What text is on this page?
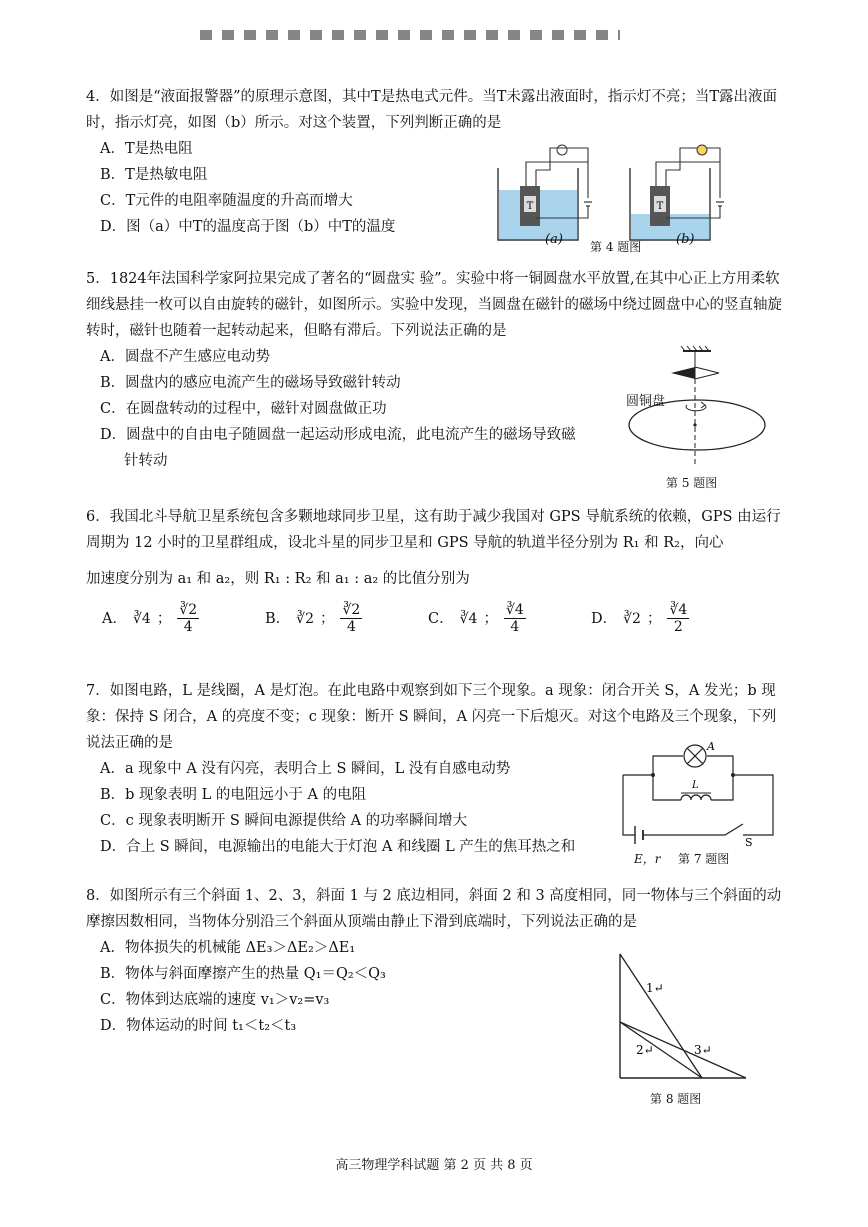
4．如图是“液面报警器”的原理示意图，其中T是热电式元件。当T未露出液面时，指示灯不亮；当T露出液面时，指示灯亮，如图（b）所示。对这个装置，下列判断正确的是

A．T是热电阻

B．T是热敏电阻

C．T元件的电阻率随温度的升高而增大

D．图（a）中T的温度高于图（b）中T的温度

T	T
(a) 第 4 题图	(b)

5．1824年法国科学家阿拉果完成了著名的“圆盘实 验”。实验中将一铜圆盘水平放置,在其中心正上方用柔软细线悬挂一枚可以自由旋转的磁针，如图所示。实验中发现，当圆盘在磁针的磁场中绕过圆盘中心的竖直轴旋转时，磁针也随着一起转动起来，但略有滞后。下列说法正确的是

A．圆盘不产生感应电动势

B．圆盘内的感应电流产生的磁场导致磁针转动

C．在圆盘转动的过程中，磁针对圆盘做正功

D．圆盘中的自由电子随圆盘一起运动形成电流，此电流产生的磁场导致磁

针转动

圆铜盘
第 5 题图

6．我国北斗导航卫星系统包含多颗地球同步卫星，这有助于减少我国对 GPS 导航系统的依赖，GPS 由运行周期为 12 小时的卫星群组成，设北斗星的同步卫星和 GPS 导航的轨道半径分别为 R₁ 和 R₂，向心

加速度分别为 a₁ 和 a₂，则 R₁ : R₂ 和 a₁ : a₂ 的比值分别为

A． ∛4 ； $\frac{∛2}{4}$	B． ∛2 ； $\frac{∛2}{4}$	C． ∛4 ； $\frac{∛4}{4}$	D． ∛2 ； $\frac{∛4}{2}$

7．如图电路，L 是线圈，A 是灯泡。在此电路中观察到如下三个现象。a 现象：闭合开关 S，A 发光；b 现象：保持 S 闭合，A 的亮度不变；c 现象：断开 S 瞬间，A 闪亮一下后熄灭。对这个电路及三个现象，下列说法正确的是

A．a 现象中 A 没有闪亮，表明合上 S 瞬间，L 没有自感电动势

B．b 现象表明 L 的电阻远小于 A 的电阻

C．c 现象表明断开 S 瞬间电源提供给 A 的功率瞬间增大

D．合上 S 瞬间，电源输出的电能大于灯泡 A 和线圈 L 产生的焦耳热之和

A
L
S
E，r 第 7 题图

8．如图所示有三个斜面 1、2、3，斜面 1 与 2 底边相同，斜面 2 和 3 高度相同，同一物体与三个斜面的动摩擦因数相同，当物体分别沿三个斜面从顶端由静止下滑到底端时，下列说法正确的是

A．物体损失的机械能 ΔE₃＞ΔE₂＞ΔE₁

B．物体与斜面摩擦产生的热量 Q₁＝Q₂＜Q₃

C．物体到达底端的速度 v₁＞v₂=v₃

D．物体运动的时间 t₁＜t₂＜t₃

1↵
2↵	3↵
第 8 题图
高三物理学科试题 第 2 页 共 8 页
